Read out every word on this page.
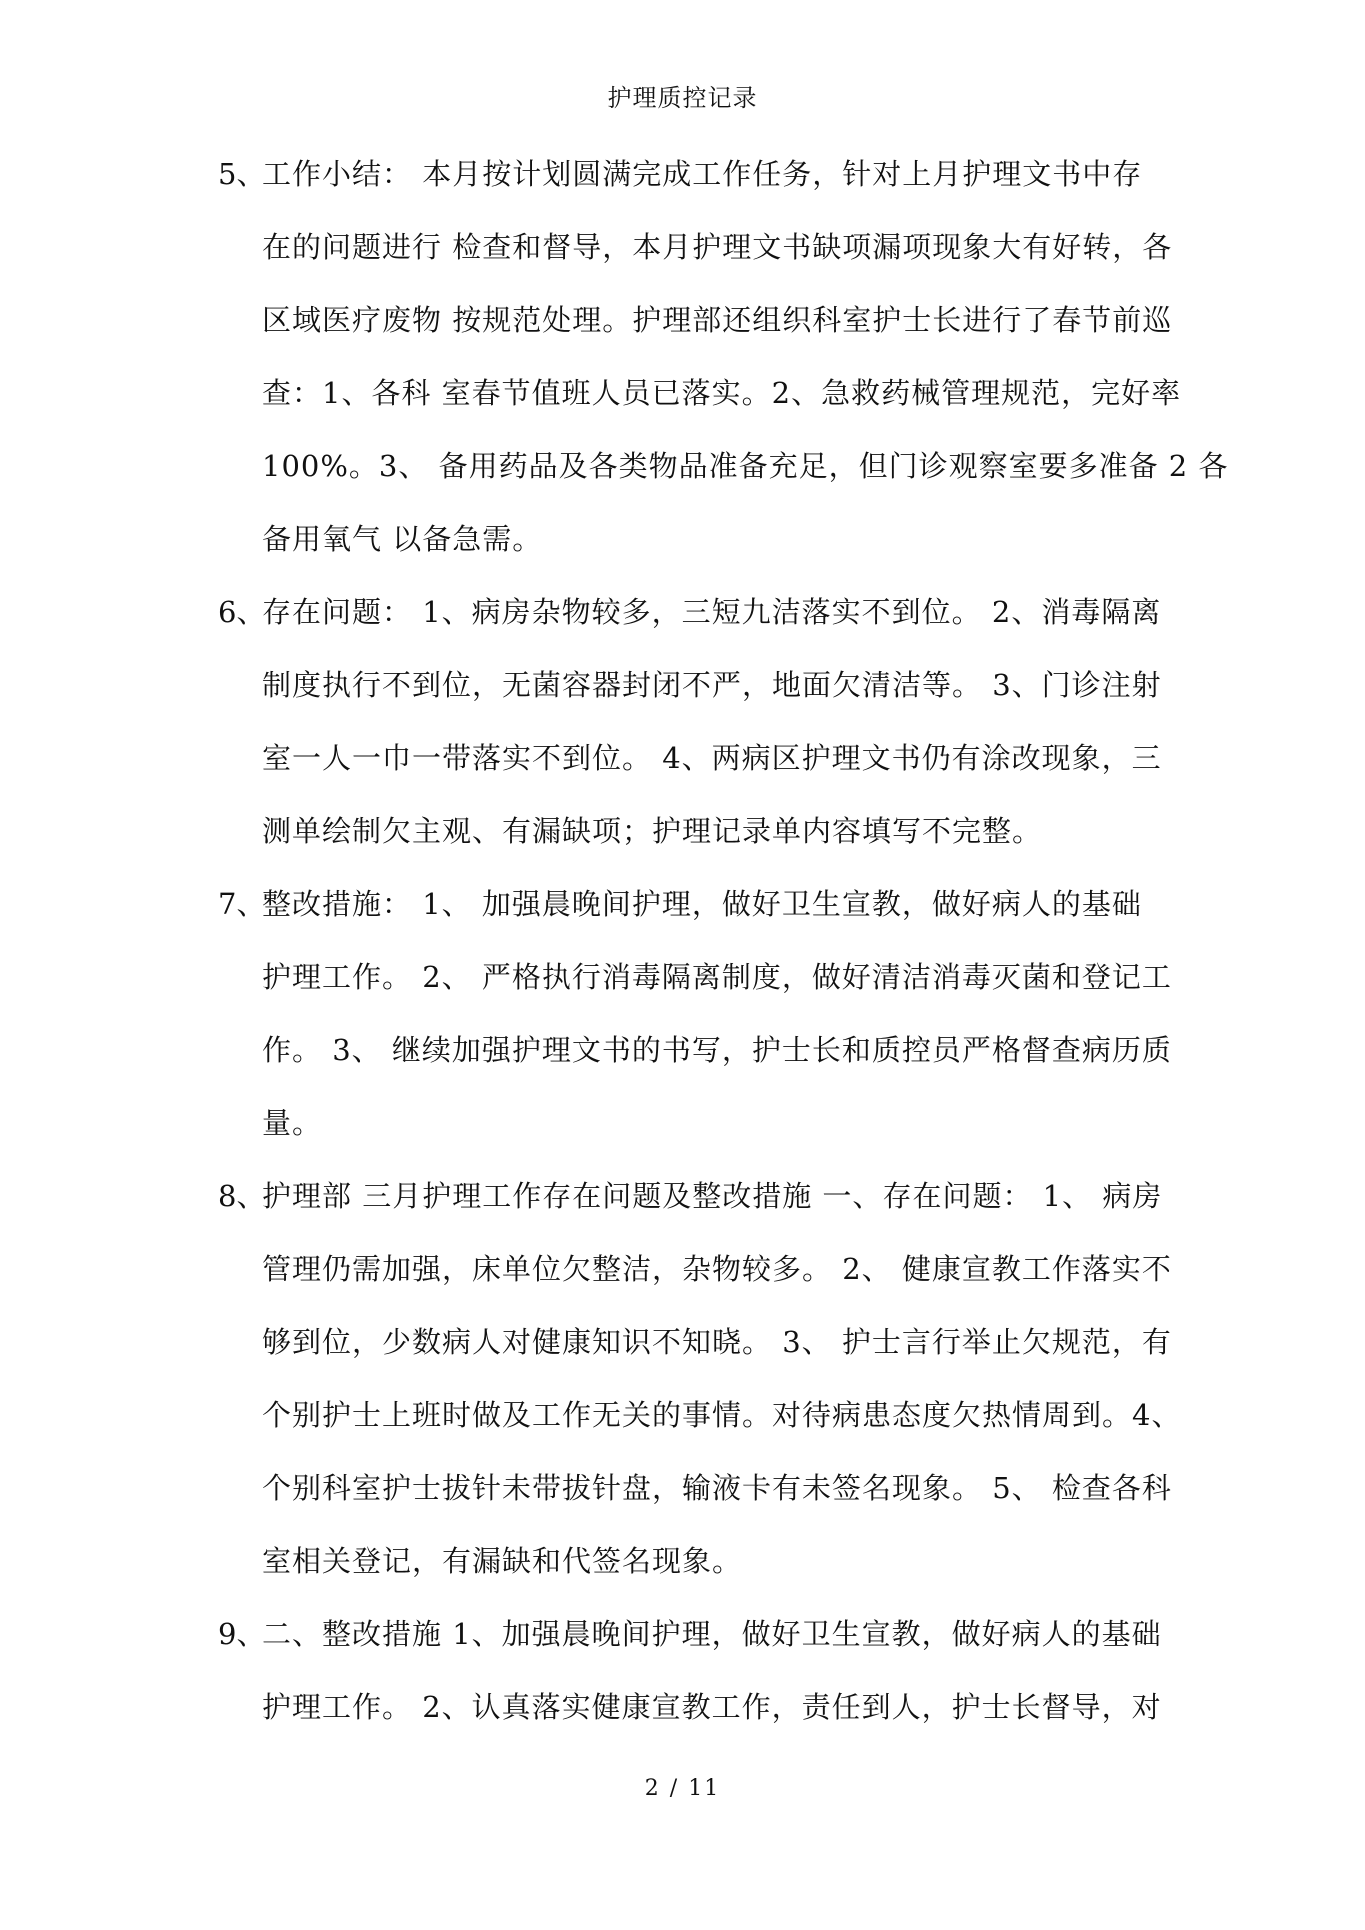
护理质控记录
5、
工作小结： 本月按计划圆满完成工作任务，针对上月护理文书中存
在的问题进行 检查和督导，本月护理文书缺项漏项现象大有好转，各
区域医疗废物 按规范处理。护理部还组织科室护士长进行了春节前巡
查：1、各科 室春节值班人员已落实。2、急救药械管理规范，完好率
100%。3、 备用药品及各类物品准备充足，但门诊观察室要多准备 2 各
备用氧气 以备急需。
6、
存在问题： 1、病房杂物较多，三短九洁落实不到位。 2、消毒隔离
制度执行不到位，无菌容器封闭不严，地面欠清洁等。 3、门诊注射
室一人一巾一带落实不到位。 4、两病区护理文书仍有涂改现象，三
测单绘制欠主观、有漏缺项；护理记录单内容填写不完整。
7、
整改措施： 1、 加强晨晚间护理，做好卫生宣教，做好病人的基础
护理工作。 2、 严格执行消毒隔离制度，做好清洁消毒灭菌和登记工
作。 3、 继续加强护理文书的书写，护士长和质控员严格督查病历质
量。
8、
护理部 三月护理工作存在问题及整改措施 一、存在问题： 1、 病房
管理仍需加强，床单位欠整洁，杂物较多。 2、 健康宣教工作落实不
够到位，少数病人对健康知识不知晓。 3、 护士言行举止欠规范，有
个别护士上班时做及工作无关的事情。对待病患态度欠热情周到。4、
个别科室护士拔针未带拔针盘，输液卡有未签名现象。 5、 检查各科
室相关登记，有漏缺和代签名现象。
9、
二、整改措施 1、加强晨晚间护理，做好卫生宣教，做好病人的基础
护理工作。 2、认真落实健康宣教工作，责任到人，护士长督导，对
2 / 11
